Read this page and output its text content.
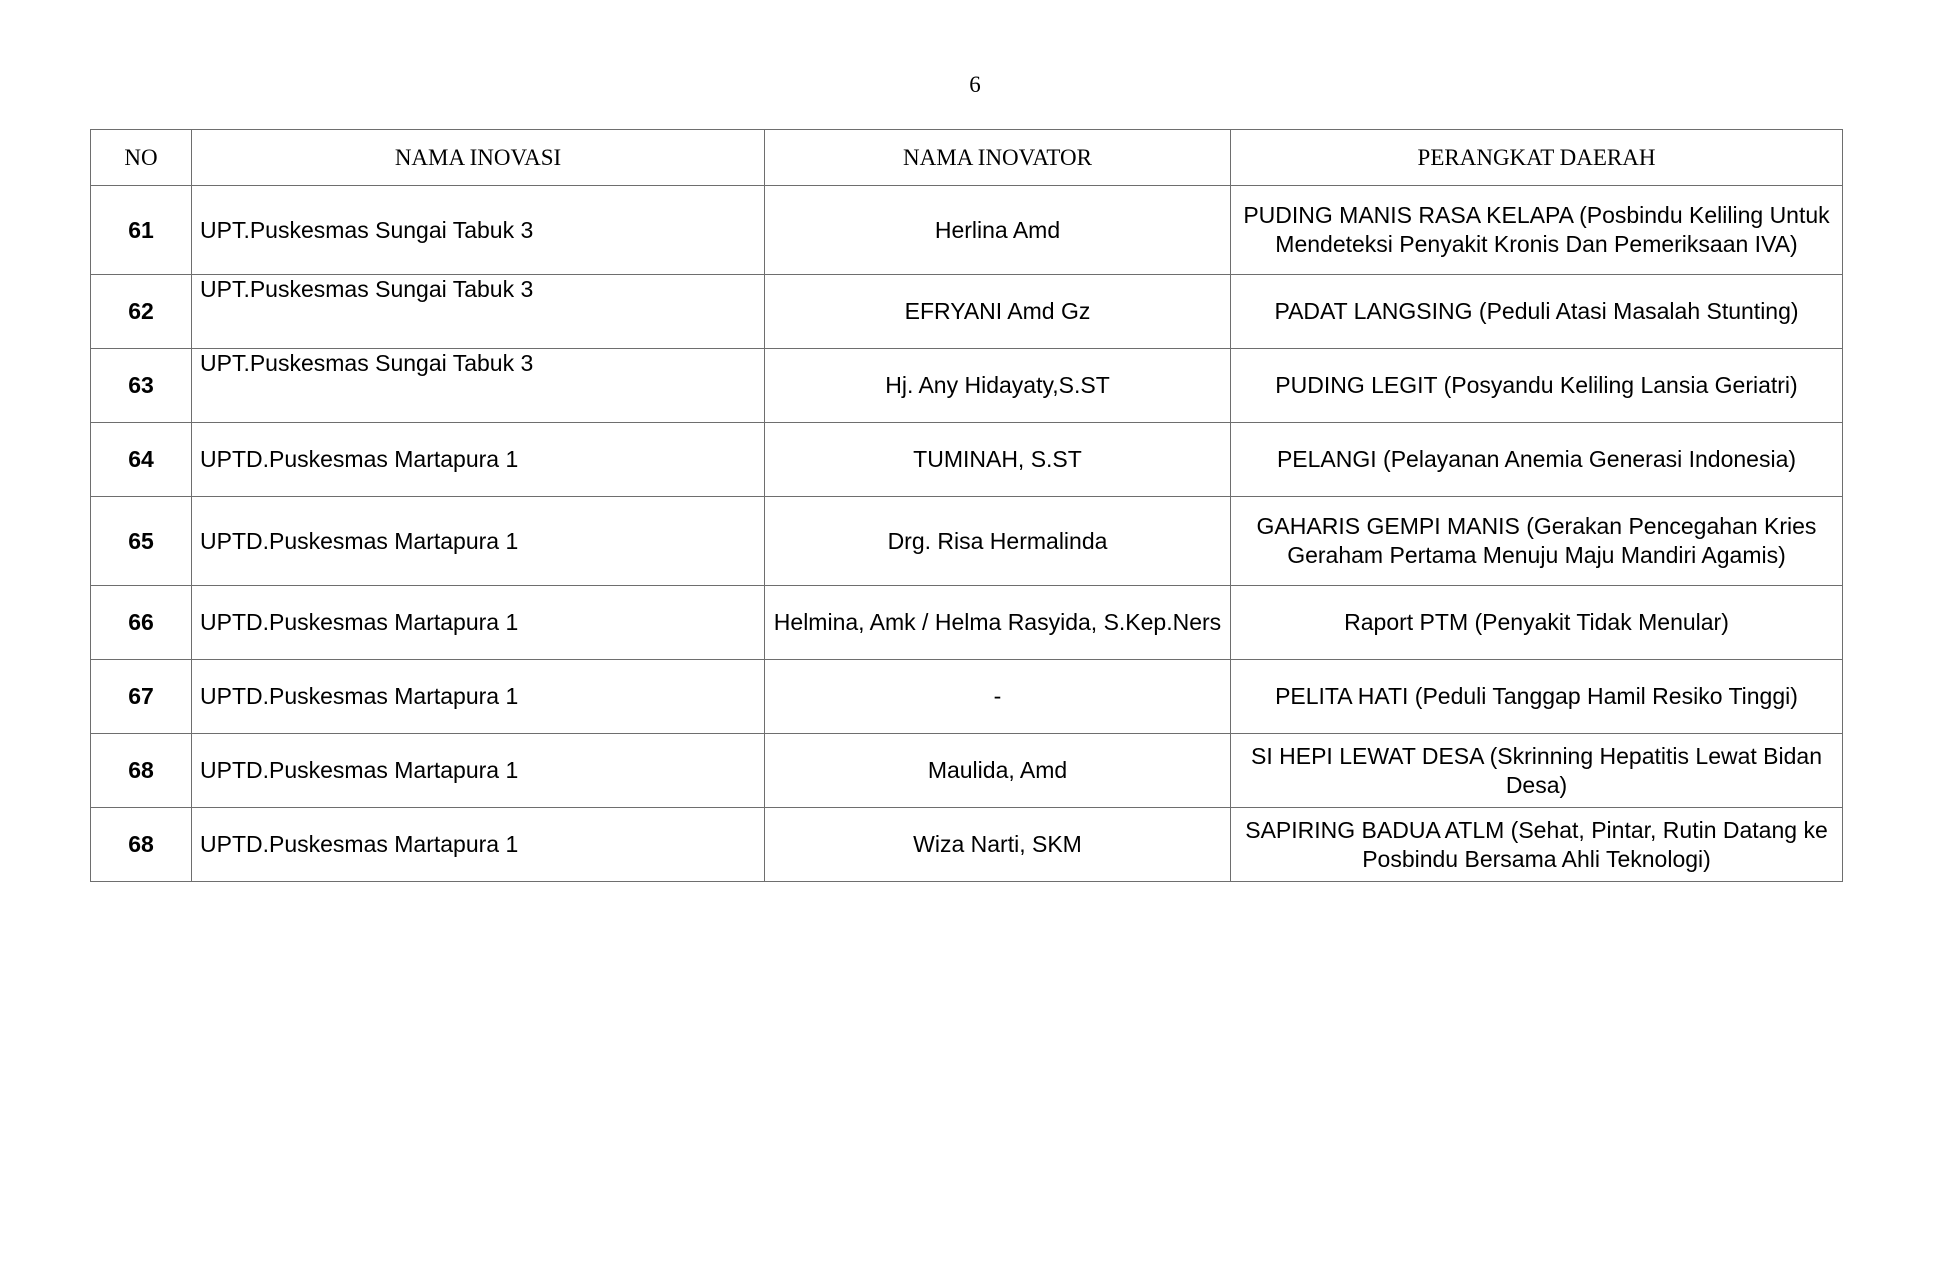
6
NO	NAMA INOVASI	NAMA INOVATOR	PERANGKAT DAERAH
61	UPT.Puskesmas Sungai Tabuk 3	Herlina Amd	PUDING MANIS RASA KELAPA (Posbindu Keliling Untuk Mendeteksi Penyakit Kronis Dan Pemeriksaan IVA)
62	UPT.Puskesmas Sungai Tabuk 3	EFRYANI Amd Gz	PADAT LANGSING (Peduli Atasi Masalah Stunting)
63	UPT.Puskesmas Sungai Tabuk 3	Hj. Any Hidayaty,S.ST	PUDING LEGIT (Posyandu Keliling Lansia Geriatri)
64	UPTD.Puskesmas Martapura 1	TUMINAH, S.ST	PELANGI (Pelayanan Anemia Generasi Indonesia)
65	UPTD.Puskesmas Martapura 1	Drg. Risa Hermalinda	GAHARIS GEMPI MANIS (Gerakan Pencegahan Kries Geraham Pertama Menuju Maju Mandiri Agamis)
66	UPTD.Puskesmas Martapura 1	Helmina, Amk / Helma Rasyida, S.Kep.Ners	Raport PTM (Penyakit Tidak Menular)
67	UPTD.Puskesmas Martapura 1	-	PELITA HATI (Peduli Tanggap Hamil Resiko Tinggi)
68	UPTD.Puskesmas Martapura 1	Maulida, Amd	SI HEPI LEWAT DESA (Skrinning Hepatitis Lewat Bidan Desa)
68	UPTD.Puskesmas Martapura 1	Wiza Narti, SKM	SAPIRING BADUA ATLM (Sehat, Pintar, Rutin Datang ke Posbindu Bersama Ahli Teknologi)
